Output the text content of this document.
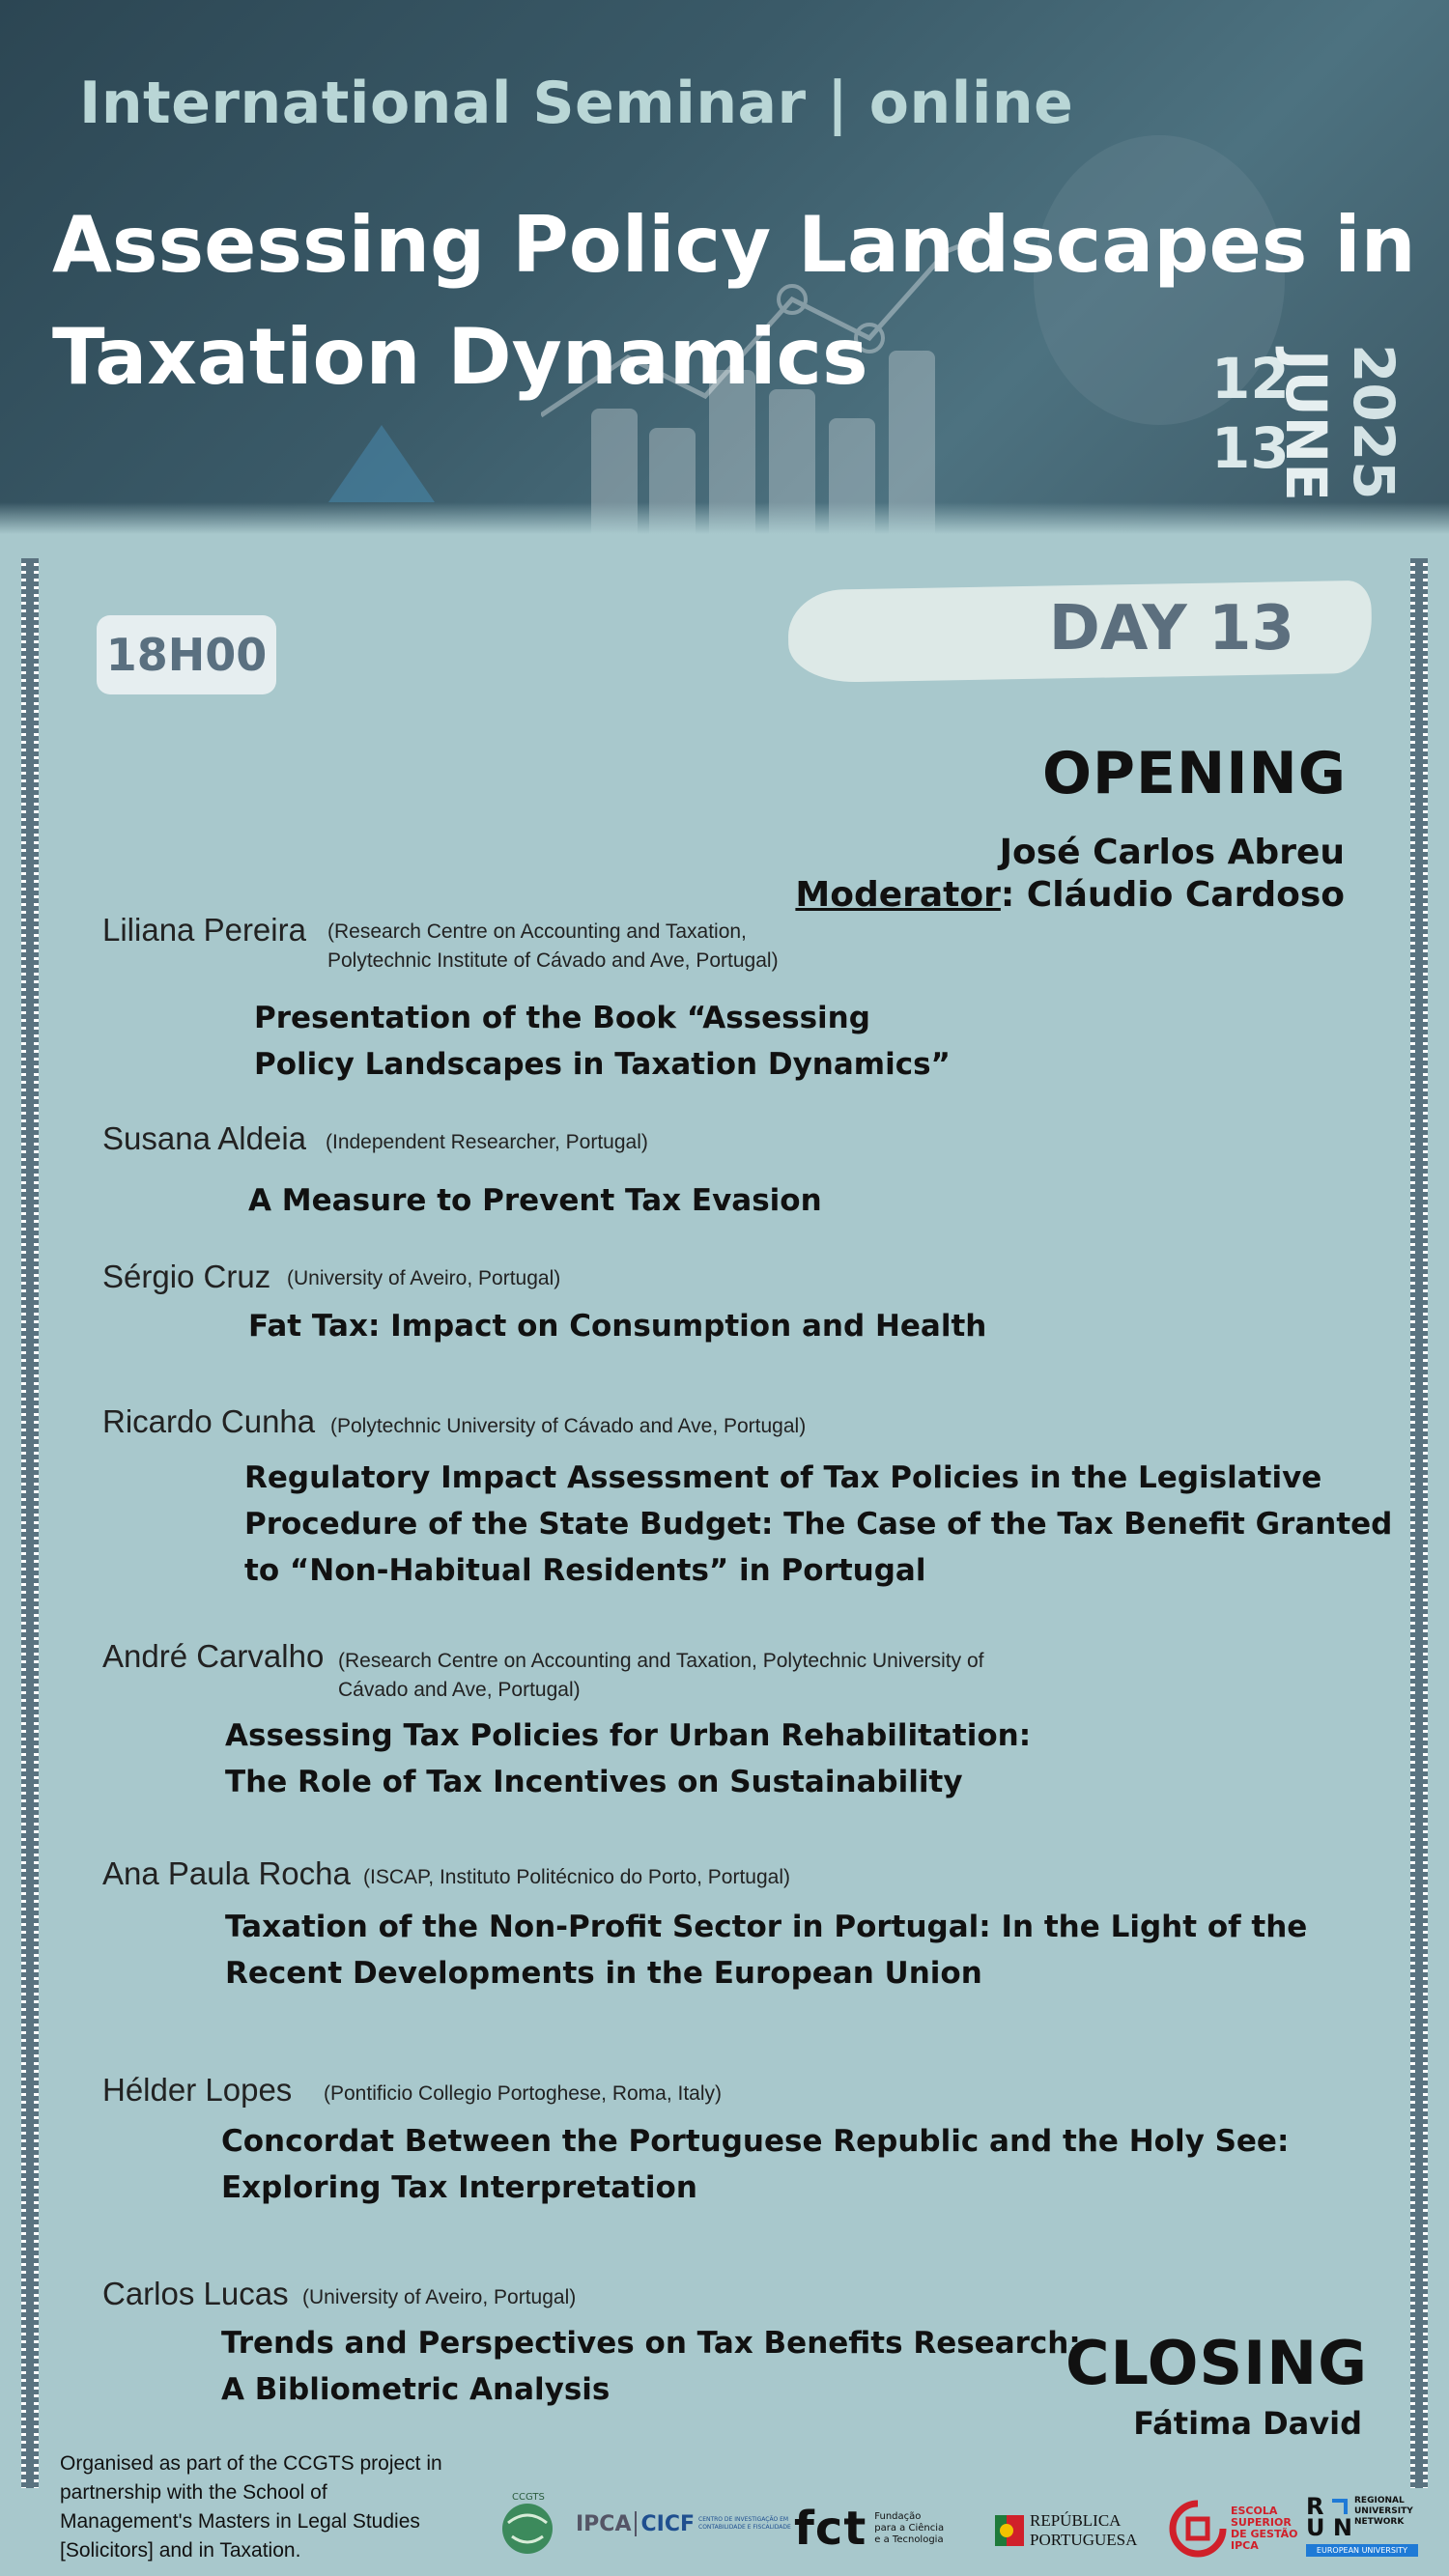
International Seminar | online
Assessing Policy Landscapes in
Taxation Dynamics	12
13
JUNE 2025
18H00	DAY 13
OPENING
José Carlos Abreu
Moderator: Cláudio Cardoso
Liliana Pereira (Research Centre on Accounting and Taxation,
Polytechnic Institute of Cávado and Ave, Portugal)
Presentation of the Book “Assessing
Policy Landscapes in Taxation Dynamics”
Susana Aldeia (Independent Researcher, Portugal)
A Measure to Prevent Tax Evasion
Sérgio Cruz (University of Aveiro, Portugal)
Fat Tax: Impact on Consumption and Health
Ricardo Cunha (Polytechnic University of Cávado and Ave, Portugal)
Regulatory Impact Assessment of Tax Policies in the Legislative
Procedure of the State Budget: The Case of the Tax Benefit Granted
to “Non-Habitual Residents” in Portugal
André Carvalho (Research Centre on Accounting and Taxation, Polytechnic University of
Cávado and Ave, Portugal)
Assessing Tax Policies for Urban Rehabilitation:
The Role of Tax Incentives on Sustainability
Ana Paula Rocha (ISCAP, Instituto Politécnico do Porto, Portugal)
Taxation of the Non-Profit Sector in Portugal: In the Light of the
Recent Developments in the European Union
Hélder Lopes (Pontificio Collegio Portoghese, Roma, Italy)
Concordat Between the Portuguese Republic and the Holy See:
Exploring Tax Interpretation
Carlos Lucas (University of Aveiro, Portugal)
Trends and Perspectives on Tax Benefits Research:
A Bibliometric Analysis	CLOSING
Fátima David
Organised as part of the CCGTS project in
partnership with the School of
Management's Masters in Legal Studies
[Solicitors] and in Taxation.
CCGTS
IPCA CICF CENTRO DE INVESTIGAÇÃO EM CONTABILIDADE E FISCALIDADE fct Fundação
para a Ciência
e a Tecnologia
REPÚBLICA
PORTUGUESA
ESCOLA
SUPERIOR
DE GESTÃO
IPCA
R
U N
REGIONAL
UNIVERSITY
NETWORK
EUROPEAN UNIVERSITY
